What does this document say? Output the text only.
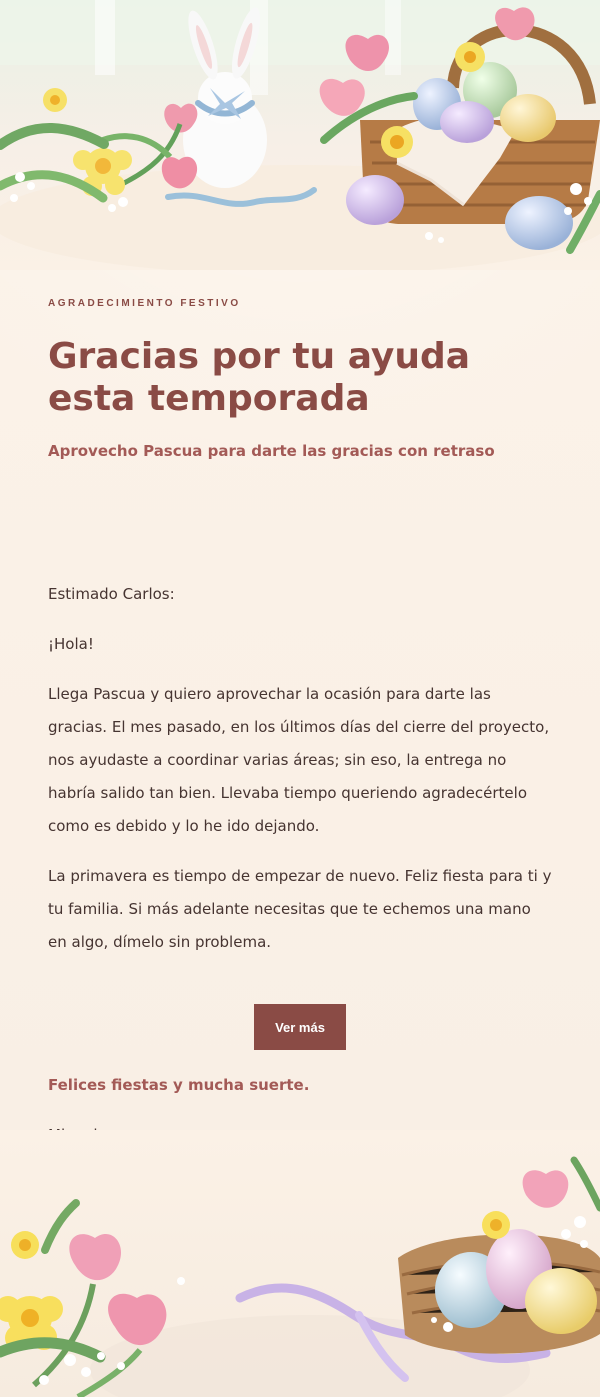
AGRADECIMIENTO FESTIVO
Gracias por tu ayuda esta temporada
Aprovecho Pascua para darte las gracias con retraso

Estimado Carlos:

¡Hola!

Llega Pascua y quiero aprovechar la ocasión para darte las gracias. El mes pasado, en los últimos días del cierre del proyecto, nos ayudaste a coordinar varias áreas; sin eso, la entrega no habría salido tan bien. Llevaba tiempo queriendo agradecértelo como es debido y lo he ido dejando.

La primavera es tiempo de empezar de nuevo. Feliz fiesta para ti y tu familia. Si más adelante necesitas que te echemos una mano en algo, dímelo sin problema.

Ver más
Felices fiestas y mucha suerte.
